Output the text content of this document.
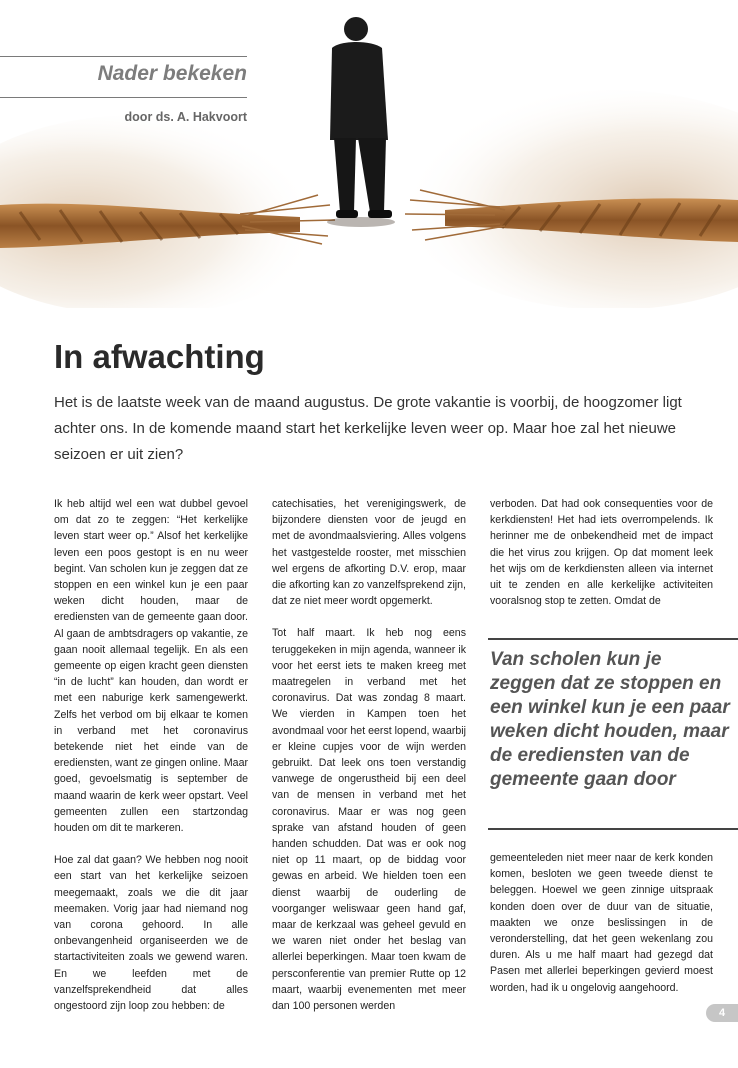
Nader bekeken
door ds. A. Hakvoort
In afwachting

Het is de laatste week van de maand augustus. De grote vakantie is voorbij, de hoogzomer ligt achter ons. In de komende maand start het kerkelijke leven weer op. Maar hoe zal het nieuwe seizoen er uit zien?

Ik heb altijd wel een wat dubbel gevoel om dat zo te zeggen: “Het kerkelijke leven start weer op.” Alsof het kerkelijke leven een poos gestopt is en nu weer begint. Van scholen kun je zeggen dat ze stoppen en een winkel kun je een paar weken dicht houden, maar de erediensten van de gemeente gaan door. Al gaan de ambtsdragers op vakantie, ze gaan nooit allemaal tegelijk. En als een gemeente op eigen kracht geen diensten “in de lucht” kan houden, dan wordt er met een naburige kerk samengewerkt. Zelfs het verbod om bij elkaar te komen in verband met het coronavirus betekende niet het einde van de erediensten, want ze gingen online. Maar goed, gevoelsmatig is september de maand waarin de kerk weer opstart. Veel gemeenten zullen een startzondag houden om dit te markeren.

Hoe zal dat gaan? We hebben nog nooit een start van het kerkelijke seizoen meegemaakt, zoals we die dit jaar meemaken. Vorig jaar had niemand nog van corona gehoord. In alle onbevangenheid organiseerden we de startactiviteiten zoals we gewend waren. En we leefden met de vanzelfsprekendheid dat alles ongestoord zijn loop zou hebben: de

catechisaties, het verenigingswerk, de bijzondere diensten voor de jeugd en met de avondmaalsviering. Alles volgens het vastgestelde rooster, met misschien wel ergens de afkorting D.V. erop, maar die afkorting kan zo vanzelfsprekend zijn, dat ze niet meer wordt opgemerkt.

Tot half maart. Ik heb nog eens teruggekeken in mijn agenda, wanneer ik voor het eerst iets te maken kreeg met maatregelen in verband met het coronavirus. Dat was zondag 8 maart. We vierden in Kampen toen het avondmaal voor het eerst lopend, waarbij er kleine cupjes voor de wijn werden gebruikt. Dat leek ons toen verstandig vanwege de ongerustheid bij een deel van de mensen in verband met het coronavirus. Maar er was nog geen sprake van afstand houden of geen handen schudden. Dat was er ook nog niet op 11 maart, op de biddag voor gewas en arbeid. We hielden toen een dienst waarbij de ouderling de voorganger weliswaar geen hand gaf, maar de kerkzaal was geheel gevuld en we waren niet onder het beslag van allerlei beperkingen. Maar toen kwam de persconferentie van premier Rutte op 12 maart, waarbij evenementen met meer dan 100 personen werden

verboden. Dat had ook consequenties voor de kerkdiensten! Het had iets overrompelends. Ik herinner me de onbekendheid met de impact die het virus zou krijgen. Op dat moment leek het wijs om de kerkdiensten alleen via internet uit te zenden en alle kerkelijke activiteiten vooralsnog stop te zetten. Omdat de

Van scholen kun je zeggen dat ze stoppen en een winkel kun je een paar weken dicht houden, maar de erediensten van de gemeente gaan door

gemeenteleden niet meer naar de kerk konden komen, besloten we geen tweede dienst te beleggen. Hoewel we geen zinnige uitspraak konden doen over de duur van de situatie, maakten we onze beslissingen in de veronderstelling, dat het geen wekenlang zou duren. Als u me half maart had gezegd dat Pasen met allerlei beperkingen gevierd moest worden, had ik u ongelovig aangehoord.

4
